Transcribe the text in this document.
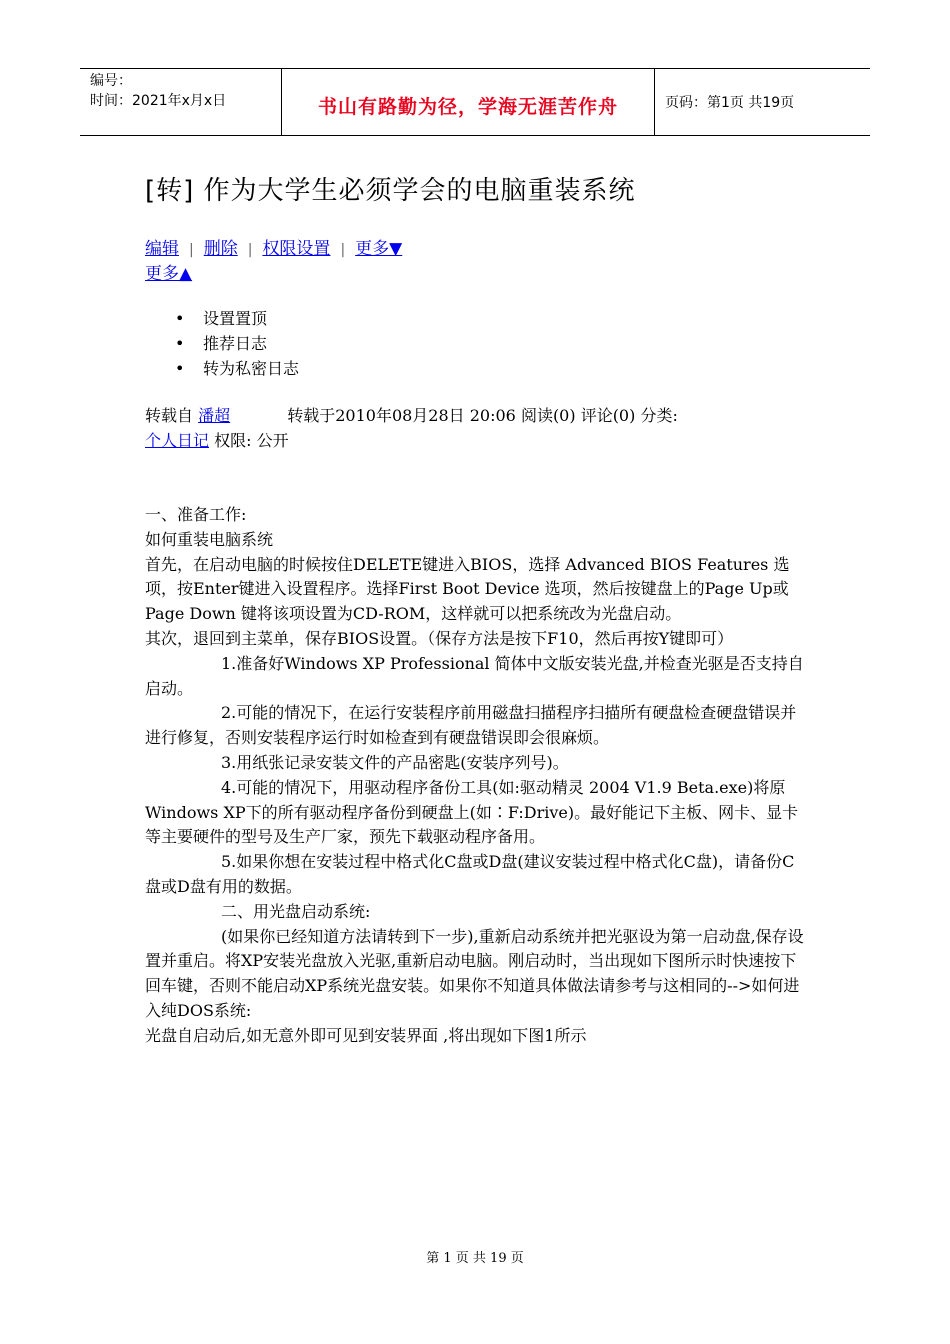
编号：
时间：2021年x月x日	书山有路勤为径，学海无涯苦作舟	页码：第1页 共19页
[转] 作为大学生必须学会的电脑重装系统
编辑 | 删除 | 权限设置 | 更多▼
更多▲
• 设置置顶
• 推荐日志
• 转为私密日志
转载自 潘超	转载于2010年08月28日 20:06 阅读(0) 评论(0) 分类:
个人日记 权限: 公开

一、准备工作:

如何重装电脑系统

首先，在启动电脑的时候按住DELETE键进入BIOS，选择 Advanced BIOS Features 选项，按Enter键进入设置程序。选择First Boot Device 选项，然后按键盘上的Page Up或Page Down 键将该项设置为CD-ROM，这样就可以把系统改为光盘启动。

其次，退回到主菜单，保存BIOS设置。（保存方法是按下F10，然后再按Y键即可）

1.准备好Windows XP Professional 简体中文版安装光盘,并检查光驱是否支持自启动。

2.可能的情况下，在运行安装程序前用磁盘扫描程序扫描所有硬盘检查硬盘错误并进行修复，否则安装程序运行时如检查到有硬盘错误即会很麻烦。

3.用纸张记录安装文件的产品密匙(安装序列号)。

4.可能的情况下，用驱动程序备份工具(如:驱动精灵 2004 V1.9 Beta.exe)将原Windows XP下的所有驱动程序备份到硬盘上(如∶F:Drive)。最好能记下主板、网卡、显卡等主要硬件的型号及生产厂家，预先下载驱动程序备用。

5.如果你想在安装过程中格式化C盘或D盘(建议安装过程中格式化C盘)，请备份C盘或D盘有用的数据。

二、用光盘启动系统:

(如果你已经知道方法请转到下一步),重新启动系统并把光驱设为第一启动盘,保存设置并重启。将XP安装光盘放入光驱,重新启动电脑。刚启动时，当出现如下图所示时快速按下回车键，否则不能启动XP系统光盘安装。如果你不知道具体做法请参考与这相同的-->如何进入纯DOS系统:

光盘自启动后,如无意外即可见到安装界面 ,将出现如下图1所示

第 1 页 共 19 页
